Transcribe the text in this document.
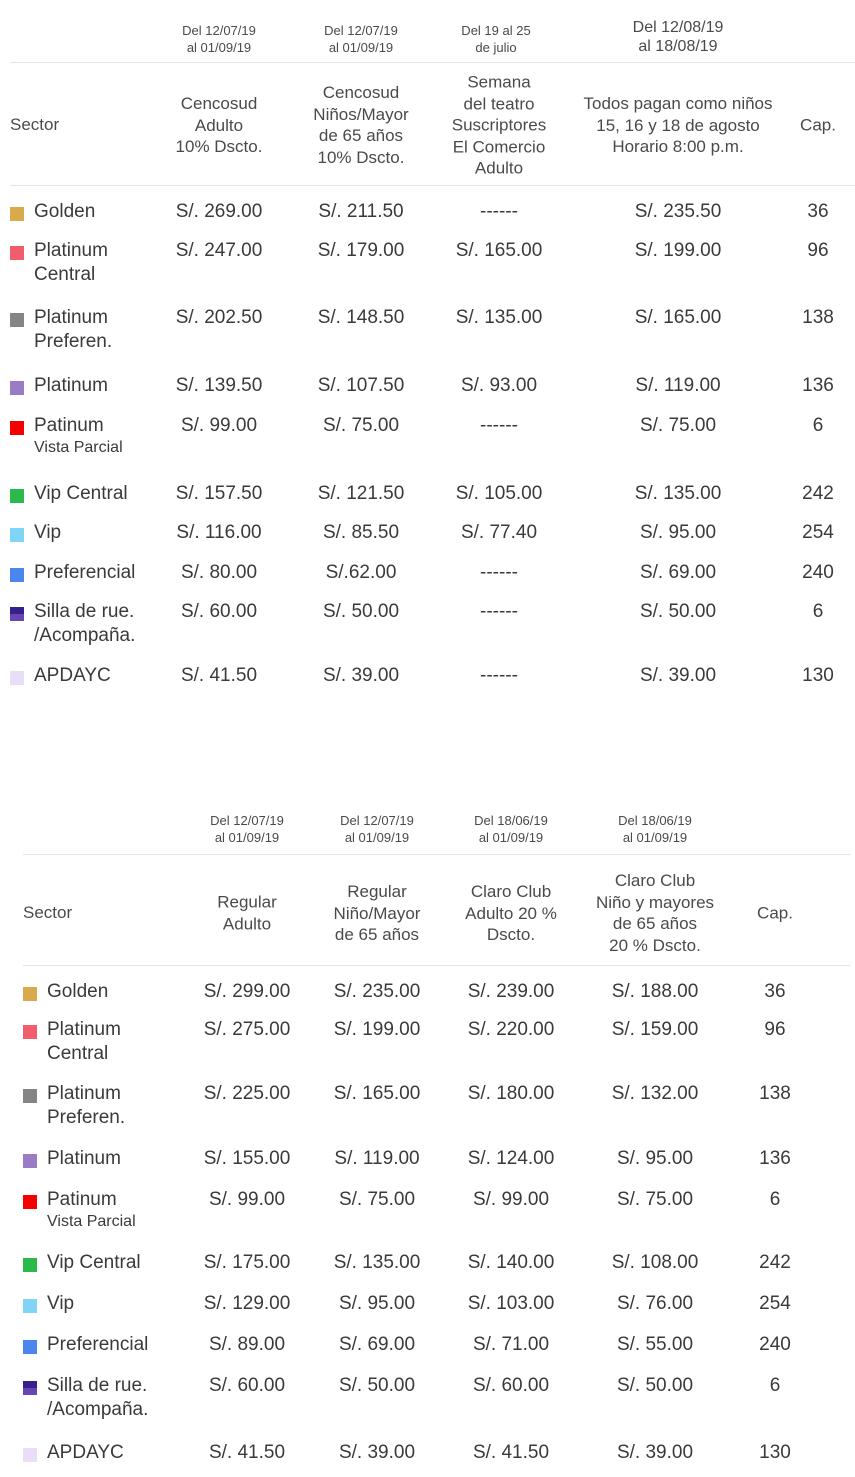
Del 12/07/19
al 01/09/19
Del 12/07/19
al 01/09/19
Del 19 al 25
de julio
Del 12/08/19
al 18/08/19
Sector
Cencosud
Adulto
10% Dscto.
Cencosud
Niños/Mayor
de 65 años
10% Dscto.
Semana
del teatro
Suscriptores
El Comercio
Adulto
Todos pagan como niños
15, 16 y 18 de agosto
Horario 8:00 p.m.
Cap.
Golden	S/. 269.00	S/. 211.50	------	S/. 235.50	36
Platinum
Central
S/. 247.00	S/. 179.00	S/. 165.00	S/. 199.00	96
Platinum
Preferen.
S/. 202.50	S/. 148.50	S/. 135.00	S/. 165.00	138
Platinum	S/. 139.50	S/. 107.50	S/. 93.00	S/. 119.00	136
Patinum
Vista Parcial
S/. 99.00	S/. 75.00	------	S/. 75.00	6
Vip Central	S/. 157.50	S/. 121.50	S/. 105.00	S/. 135.00	242
Vip	S/. 116.00	S/. 85.50	S/. 77.40	S/. 95.00	254
Preferencial S/. 80.00	S/.62.00	------	S/. 69.00	240
Silla de rue.
/Acompaña.
S/. 60.00	S/. 50.00	------	S/. 50.00	6
APDAYC	S/. 41.50	S/. 39.00	------	S/. 39.00	130
Del 12/07/19
al 01/09/19
Del 12/07/19
al 01/09/19
Del 18/06/19
al 01/09/19
Del 18/06/19
al 01/09/19
Sector
Regular
Adulto
Regular
Niño/Mayor
de 65 años
Claro Club
Adulto 20 %
Dscto.
Claro Club
Niño y mayores
de 65 años
20 % Dscto.
Cap.
Golden	S/. 299.00 S/. 235.00 S/. 239.00	S/. 188.00	36
Platinum
Central
S/. 275.00 S/. 199.00 S/. 220.00	S/. 159.00	96
Platinum
Preferen.
S/. 225.00 S/. 165.00 S/. 180.00	S/. 132.00	138
Platinum	S/. 155.00 S/. 119.00	S/. 124.00	S/. 95.00	136
Patinum
Vista Parcial
S/. 99.00	S/. 75.00	S/. 99.00	S/. 75.00	6
Vip Central	S/. 175.00 S/. 135.00 S/. 140.00	S/. 108.00	242
Vip	S/. 129.00	S/. 95.00	S/. 103.00	S/. 76.00	254
Preferencial	S/. 89.00	S/. 69.00	S/. 71.00	S/. 55.00	240
Silla de rue.
/Acompaña.
S/. 60.00	S/. 50.00	S/. 60.00	S/. 50.00	6
APDAYC	S/. 41.50	S/. 39.00	S/. 41.50	S/. 39.00	130
